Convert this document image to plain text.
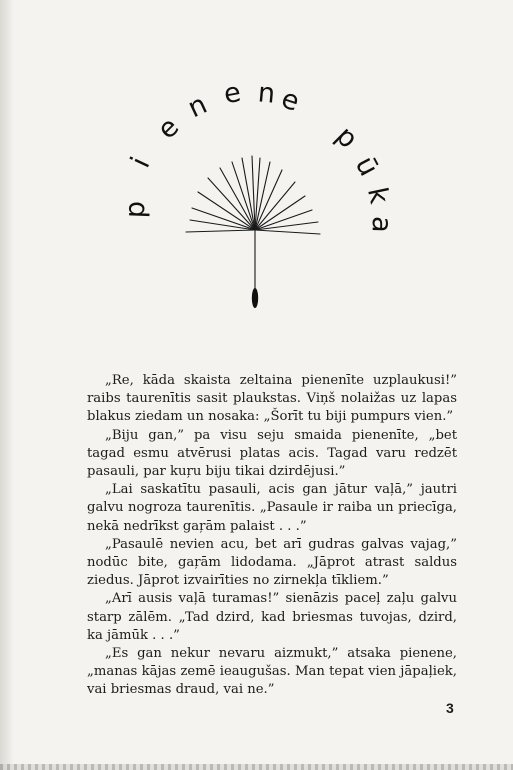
p
i
e
n e n e
p
ū
k
a

„Re, kāda skaista zeltaina pienenīte uzplaukusi!” raibs taurenītis sasit plaukstas. Viņš nolaižas uz lapas blakus ziedam un nosaka: „Šorīt tu biji pumpurs vien.”

„Biju gan,” pa visu seju smaida pienenīte, „bet tagad esmu atvērusi platas acis. Tagad varu redzēt pasauli, par kuŗu biju tikai dzirdējusi.”

„Lai saskatītu pasauli, acis gan jātur vaļā,” jautri galvu nogroza taurenītis. „Pasaule ir raiba un priecīga, nekā nedrīkst gaŗām palaist . . .”

„Pasaulē nevien acu, bet arī gudras galvas vajag,” nodūc bite, gaŗām lidodama. „Jāprot atrast saldus ziedus. Jāprot izvairīties no zirnekļa tīkliem.”

„Arī ausis vaļā turamas!” sienāzis paceļ zaļu galvu starp zālēm. „Tad dzird, kad briesmas tuvojas, dzird, ka jāmūk . . .”

„Es gan nekur nevaru aizmukt,” atsaka pienene, „manas kājas zemē ieaugušas. Man tepat vien jāpaļiek, vai briesmas draud, vai ne.”

3
